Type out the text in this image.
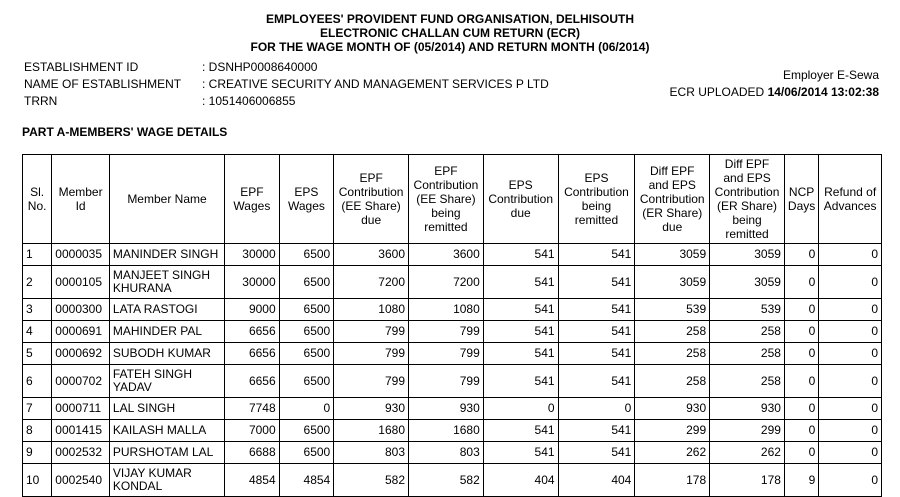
EMPLOYEES' PROVIDENT FUND ORGANISATION, DELHISOUTH
ELECTRONIC CHALLAN CUM RETURN (ECR)
FOR THE WAGE MONTH OF (05/2014) AND RETURN MONTH (06/2014)
ESTABLISHMENT ID	: DSNHP0008640000
NAME OF ESTABLISHMENT	: CREATIVE SECURITY AND MANAGEMENT SERVICES P LTD
TRRN	: 1051406006855
Employer E-Sewa
ECR UPLOADED 14/06/2014 13:02:38
PART A-MEMBERS' WAGE DETAILS
Sl. No.	Member Id	Member Name	EPF Wages	EPS Wages	EPF Contribution (EE Share) due	EPF Contribution (EE Share) being remitted	EPS Contribution due	EPS Contribution being remitted	Diff EPF and EPS Contribution (ER Share) due	Diff EPF and EPS Contribution (ER Share) being remitted	NCP Days	Refund of Advances
1	0000035	MANINDER SINGH	30000	6500	3600	3600	541	541	3059	3059	0	0
2	0000105	MANJEET SINGH KHURANA	30000	6500	7200	7200	541	541	3059	3059	0	0
3	0000300	LATA RASTOGI	9000	6500	1080	1080	541	541	539	539	0	0
4	0000691	MAHINDER PAL	6656	6500	799	799	541	541	258	258	0	0
5	0000692	SUBODH KUMAR	6656	6500	799	799	541	541	258	258	0	0
6	0000702	FATEH SINGH YADAV	6656	6500	799	799	541	541	258	258	0	0
7	0000711	LAL SINGH	7748	0	930	930	0	0	930	930	0	0
8	0001415	KAILASH MALLA	7000	6500	1680	1680	541	541	299	299	0	0
9	0002532	PURSHOTAM LAL	6688	6500	803	803	541	541	262	262	0	0
10	0002540	VIJAY KUMAR KONDAL	4854	4854	582	582	404	404	178	178	9	0
